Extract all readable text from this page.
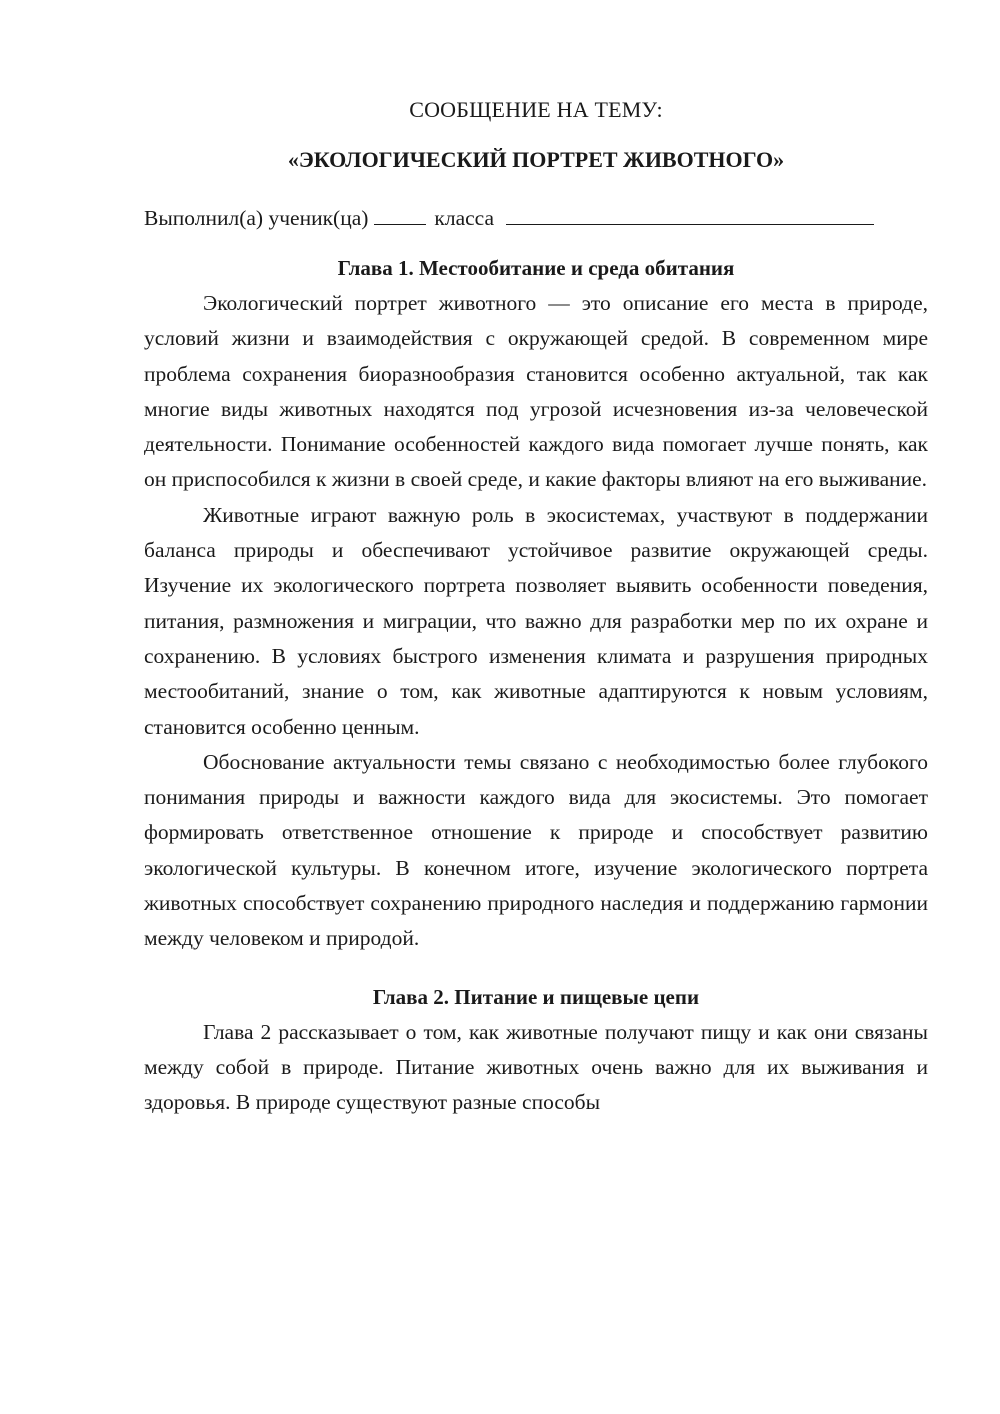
СООБЩЕНИЕ НА ТЕМУ:
«ЭКОЛОГИЧЕСКИЙ ПОРТРЕТ ЖИВОТНОГО»
Выполнил(а) ученик(ца)	класса
Глава 1. Местообитание и среда обитания

Экологический портрет животного — это описание его места в природе, условий жизни и взаимодействия с окружающей средой. В современном мире проблема сохранения биоразнообразия становится особенно актуальной, так как многие виды животных находятся под угрозой исчезновения из-за человеческой деятельности. Понимание особенностей каждого вида помогает лучше понять, как он приспособился к жизни в своей среде, и какие факторы влияют на его выживание.

Животные играют важную роль в экосистемах, участвуют в поддержании баланса природы и обеспечивают устойчивое развитие окружающей среды. Изучение их экологического портрета позволяет выявить особенности поведения, питания, размножения и миграции, что важно для разработки мер по их охране и сохранению. В условиях быстрого изменения климата и разрушения природных местообитаний, знание о том, как животные адаптируются к новым условиям, становится особенно ценным.

Обоснование актуальности темы связано с необходимостью более глубокого понимания природы и важности каждого вида для экосистемы. Это помогает формировать ответственное отношение к природе и способствует развитию экологической культуры. В конечном итоге, изучение экологического портрета животных способствует сохранению природного наследия и поддержанию гармонии между человеком и природой.

Глава 2. Питание и пищевые цепи

Глава 2 рассказывает о том, как животные получают пищу и как они связаны между собой в природе. Питание животных очень важно для их выживания и здоровья. В природе существуют разные способы
